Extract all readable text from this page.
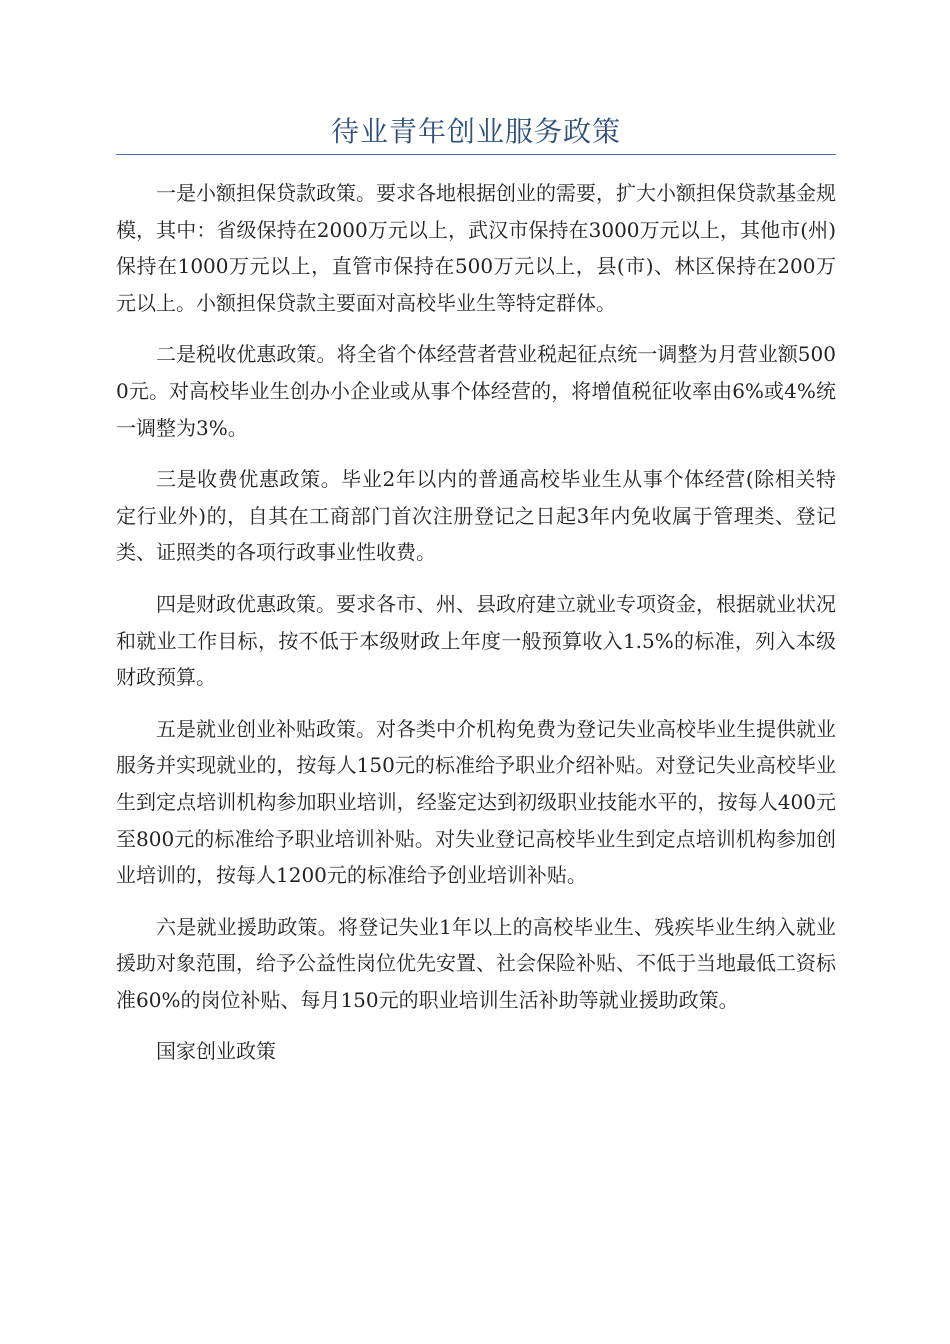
待业青年创业服务政策

一是小额担保贷款政策。要求各地根据创业的需要，扩大小额担保贷款基金规模，其中：省级保持在2000万元以上，武汉市保持在3000万元以上，其他市(州)保持在1000万元以上，直管市保持在500万元以上，县(市)、林区保持在200万元以上。小额担保贷款主要面对高校毕业生等特定群体。

二是税收优惠政策。将全省个体经营者营业税起征点统一调整为月营业额5000元。对高校毕业生创办小企业或从事个体经营的，将增值税征收率由6%或4%统一调整为3%。

三是收费优惠政策。毕业2年以内的普通高校毕业生从事个体经营(除相关特定行业外)的，自其在工商部门首次注册登记之日起3年内免收属于管理类、登记类、证照类的各项行政事业性收费。

四是财政优惠政策。要求各市、州、县政府建立就业专项资金，根据就业状况和就业工作目标，按不低于本级财政上年度一般预算收入1.5%的标准，列入本级财政预算。

五是就业创业补贴政策。对各类中介机构免费为登记失业高校毕业生提供就业服务并实现就业的，按每人150元的标准给予职业介绍补贴。对登记失业高校毕业生到定点培训机构参加职业培训，经鉴定达到初级职业技能水平的，按每人400元至800元的标准给予职业培训补贴。对失业登记高校毕业生到定点培训机构参加创业培训的，按每人1200元的标准给予创业培训补贴。

六是就业援助政策。将登记失业1年以上的高校毕业生、残疾毕业生纳入就业援助对象范围，给予公益性岗位优先安置、社会保险补贴、不低于当地最低工资标准60%的岗位补贴、每月150元的职业培训生活补助等就业援助政策。

国家创业政策
